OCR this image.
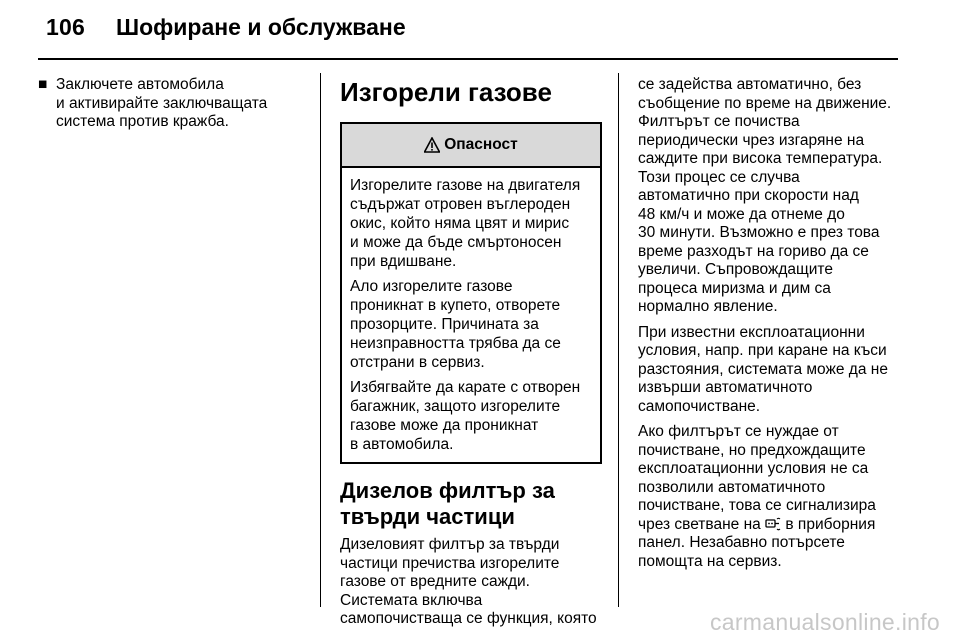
106 Шофиране и обслужване
■ Заключете автомобила
и активирайте заключващата
система против кражба.
Изгорели газове
Опасност

Изгорелите газове на двигателя
съдържат отровен въглероден
окис, който няма цвят и мирис
и може да бъде смъртоносен
при вдишване.

Ало изгорелите газове
проникнат в купето, отворете
прозорците. Причината за
неизправността трябва да се
отстрани в сервиз.

Избягвайте да карате с отворен
багажник, защото изгорелите
газове може да проникнат
в автомобила.

Дизелов филтър за
твърди частици

Дизеловият филтър за твърди
частици пречиства изгорелите
газове от вредните сажди.
Системата включва
самопочистваща се функция, която

се задейства автоматично, без
съобщение по време на движение.
Филтърът се почиства
периодически чрез изгаряне на
саждите при висока температура.
Този процес се случва
автоматично при скорости над
48 км/ч и може да отнеме до
30 минути. Възможно е през това
време разходът на гориво да се
увеличи. Съпровождащите
процеса миризма и дим са
нормално явление.

При известни експлоатационни
условия, напр. при каране на къси
разстояния, системата може да не
извърши автоматичното
самопочистване.

Ако филтърът се нуждае от
почистване, но предхождащите
експлоатационни условия не са
позволили автоматичното
почистване, това се сигнализира
чрез светване на в приборния
панел. Незабавно потърсете
помощта на сервиз.

carmanualsonline.info
